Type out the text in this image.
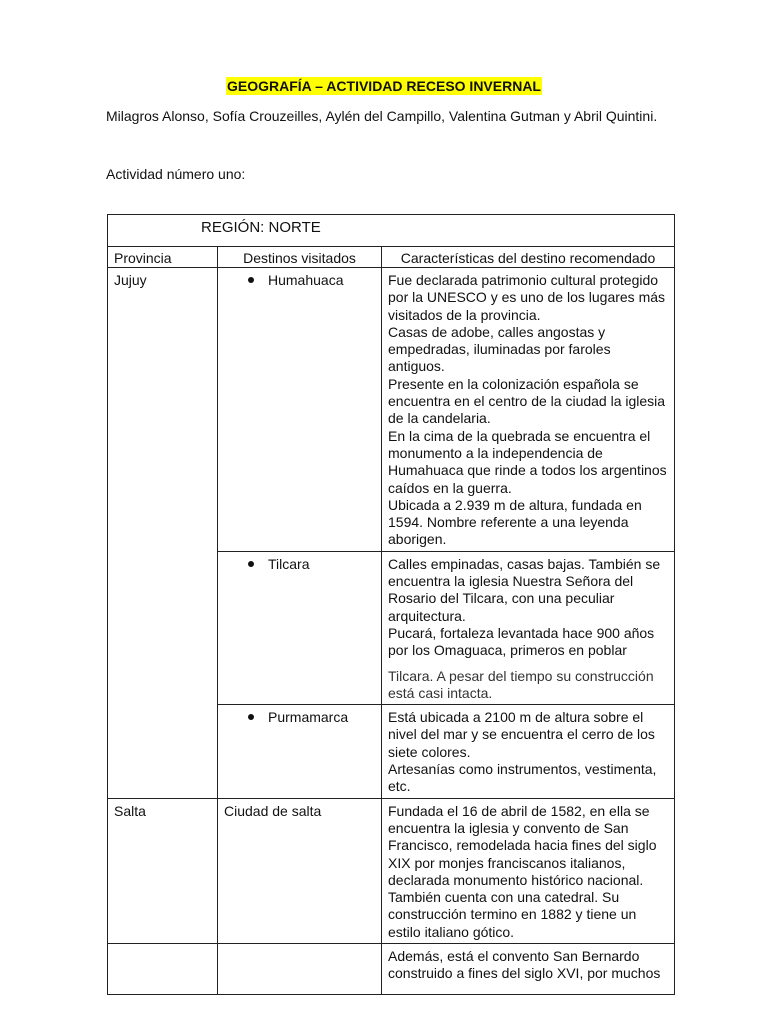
GEOGRAFÍA – ACTIVIDAD RECESO INVERNAL
Milagros Alonso, Sofía Crouzeilles, Aylén del Campillo, Valentina Gutman y Abril Quintini.
Actividad número uno:
REGIÓN: NORTE		

Provincia	Destinos visitados	Características del destino recomendado

Jujuy	Humahuaca	Fue declarada patrimonio cultural protegido por la UNESCO y es uno de los lugares más visitados de la provincia.

Casas de adobe, calles angostas y empedradas, iluminadas por faroles antiguos.

Presente en la colonización española se encuentra en el centro de la ciudad la iglesia de la candelaria.

En la cima de la quebrada se encuentra el monumento a la independencia de Humahuaca que rinde a todos los argentinos caídos en la guerra.

Ubicada a 2.939 m de altura, fundada en 1594. Nombre referente a una leyenda aborigen.

	Tilcara	Calles empinadas, casas bajas. También se encuentra la iglesia Nuestra Señora del Rosario del Tilcara, con una peculiar arquitectura.

Pucará, fortaleza levantada hace 900 años por los Omaguaca, primeros en poblar

Tilcara. A pesar del tiempo su construcción está casi intacta.

	Purmamarca	Está ubicada a 2100 m de altura sobre el nivel del mar y se encuentra el cerro de los siete colores.

Artesanías como instrumentos, vestimenta, etc.

Salta	Ciudad de salta	Fundada el 16 de abril de 1582, en ella se encuentra la iglesia y convento de San Francisco, remodelada hacia fines del siglo XIX por monjes franciscanos italianos, declarada monumento histórico nacional. También cuenta con una catedral. Su construcción termino en 1882 y tiene un estilo italiano gótico.

		Además, está el convento San Bernardo construido a fines del siglo XVI, por muchos
